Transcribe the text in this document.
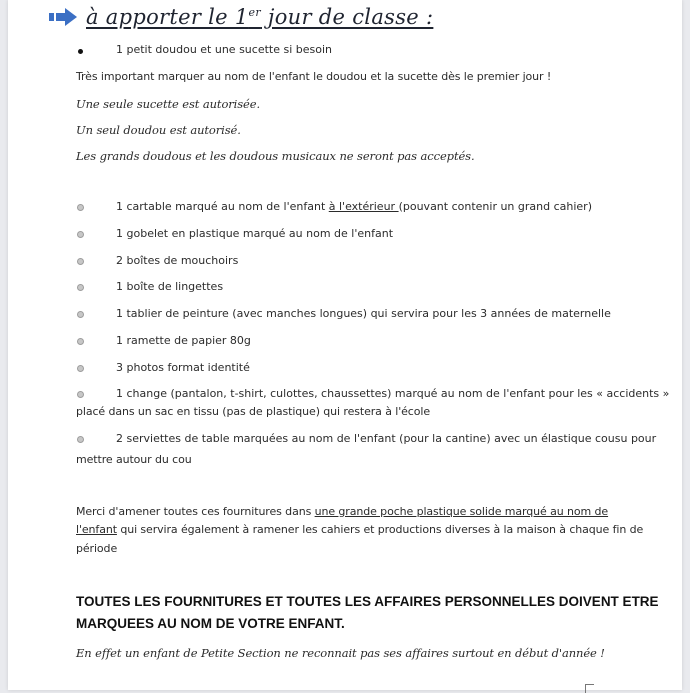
à apporter le 1er jour de classe :
1 petit doudou et une sucette si besoin
Très important marquer au nom de l'enfant le doudou et la sucette dès le premier jour !
Une seule sucette est autorisée.
Un seul doudou est autorisé.
Les grands doudous et les doudous musicaux ne seront pas acceptés.
1 cartable marqué au nom de l'enfant à l'extérieur (pouvant contenir un grand cahier)
1 gobelet en plastique marqué au nom de l'enfant
2 boîtes de mouchoirs
1 boîte de lingettes
1 tablier de peinture (avec manches longues) qui servira pour les 3 années de maternelle
1 ramette de papier 80g
3 photos format identité
1 change (pantalon, t-shirt, culottes, chaussettes) marqué au nom de l'enfant pour les « accidents »
placé dans un sac en tissu (pas de plastique) qui restera à l'école
2 serviettes de table marquées au nom de l'enfant (pour la cantine) avec un élastique cousu pour
mettre autour du cou
Merci d'amener toutes ces fournitures dans une grande poche plastique solide marqué au nom de
l'enfant qui servira également à ramener les cahiers et productions diverses à la maison à chaque fin de
période
TOUTES LES FOURNITURES ET TOUTES LES AFFAIRES PERSONNELLES DOIVENT ETRE
MARQUEES AU NOM DE VOTRE ENFANT.
En effet un enfant de Petite Section ne reconnait pas ses affaires surtout en début d'année !
